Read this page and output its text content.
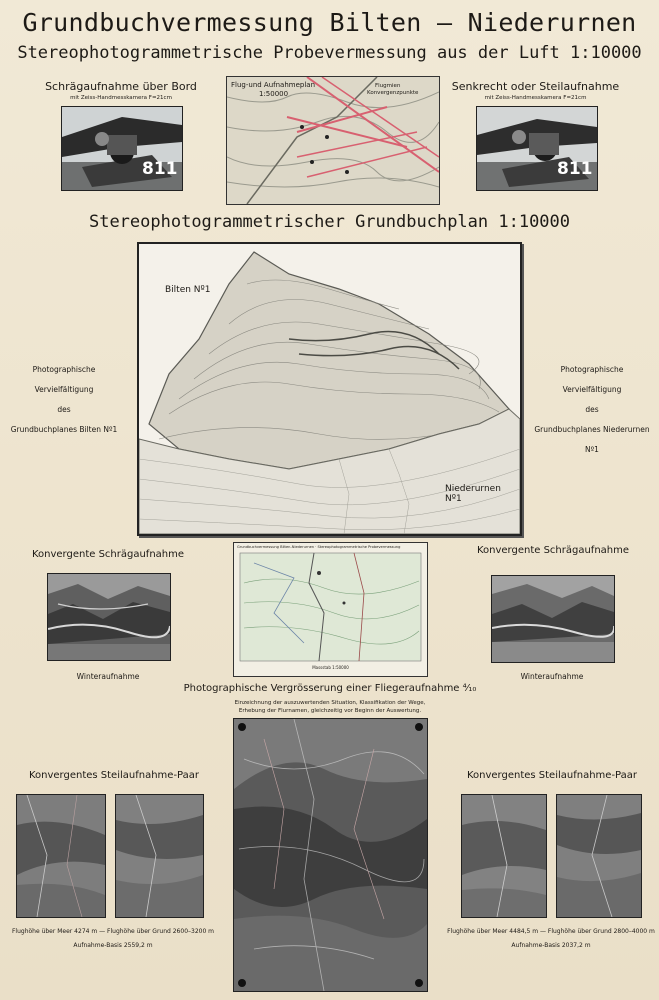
Grundbuchvermessung Bilten – Niederurnen
Stereophotogrammetrische Probevermessung aus der Luft 1:10000
Schrägaufnahme über Bord
mit Zeiss-Handmesskamera F=21cm
811
Flug-und Aufnahmeplan
1:50000
Flugmien
Konvergenzpunkte	Senkrecht oder Steilaufnahme
mit Zeiss-Handmesskamera F=21cm
811
Stereophotogrammetrischer Grundbuchplan 1:10000
Bilten Nº1
Niederurnen Nº1
Photographische Vervielfältigung
des
Grundbuchplanes Bilten Nº1
Photographische Vervielfältigung
des
Grundbuchplanes Niederurnen Nº1
Konvergente Schrägaufnahme
Winteraufnahme
Grundbuchvermessung Bilten-Niederurnen · Stereophotogrammetrische Probevermessung
Massstab 1:50000
Konvergente Schrägaufnahme
Winteraufnahme
Photographische Vergrösserung einer Fliegeraufnahme ⁴⁄₁₀
Einzeichnung der auszuwertenden Situation, Klassifikation der Wege,
Erhebung der Flurnamen, gleichzeitig vor Beginn der Auswertung.
Konvergentes Steilaufnahme-Paar
Flughöhe über Meer 4274 m — Flughöhe über Grund 2600–3200 m
Aufnahme-Basis 2559,2 m
Konvergentes Steilaufnahme-Paar
Flughöhe über Meer 4484,5 m — Flughöhe über Grund 2800–4000 m
Aufnahme-Basis 2037,2 m
